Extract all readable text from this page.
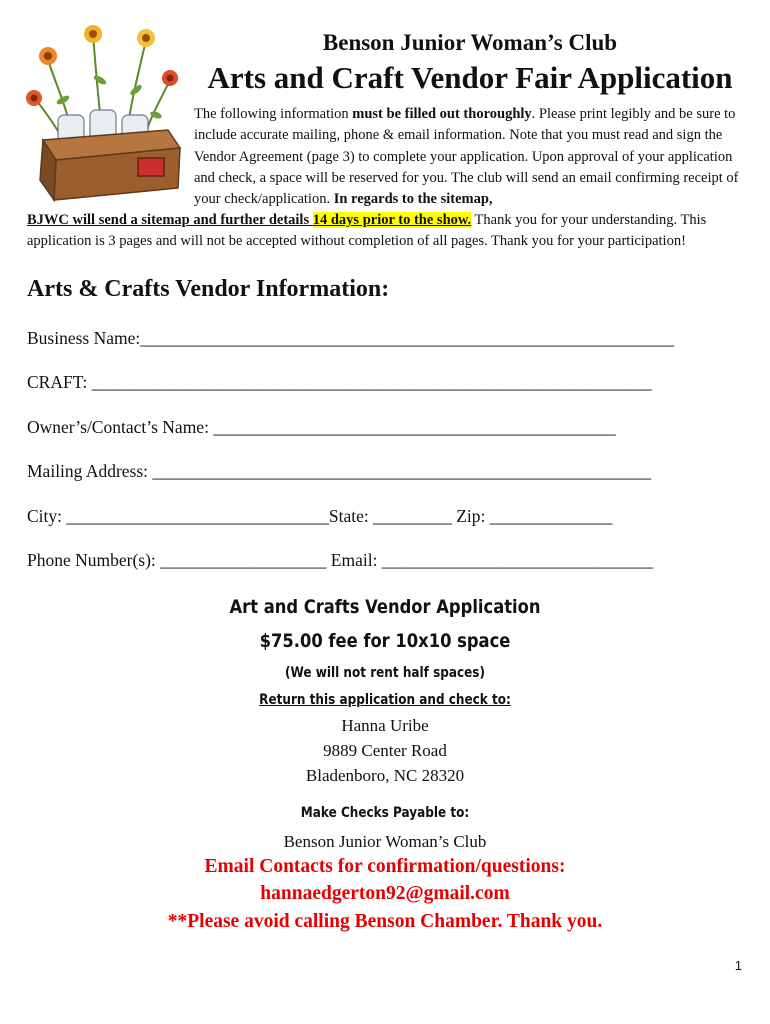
Benson Junior Woman’s Club
Arts and Craft Vendor Fair Application
The following information must be filled out thoroughly. Please print legibly and be sure to include accurate mailing, phone & email information. Note that you must read and sign the Vendor Agreement (page 3) to complete your application. Upon approval of your application and check, a space will be reserved for you. The club will send an email confirming receipt of your check/application. In regards to the sitemap,
BJWC will send a sitemap and further details 14 days prior to the show. Thank you for your understanding. This application is 3 pages and will not be accepted without completion of all pages. Thank you for your participation!
Arts & Crafts Vendor Information:
Business Name:_____________________________________________________________
CRAFT: ________________________________________________________________
Owner’s/Contact’s Name: ______________________________________________
Mailing Address: _________________________________________________________
City: ______________________________State: _________ Zip: ______________
Phone Number(s): ___________________ Email: _______________________________
Art and Crafts Vendor Application
$75.00 fee for 10x10 space
(We will not rent half spaces)
Return this application and check to:
Hanna Uribe
9889 Center Road
Bladenboro, NC 28320
Make Checks Payable to:
Benson Junior Woman’s Club
Email Contacts for confirmation/questions:
hannaedgerton92@gmail.com
**Please avoid calling Benson Chamber. Thank you.
1
